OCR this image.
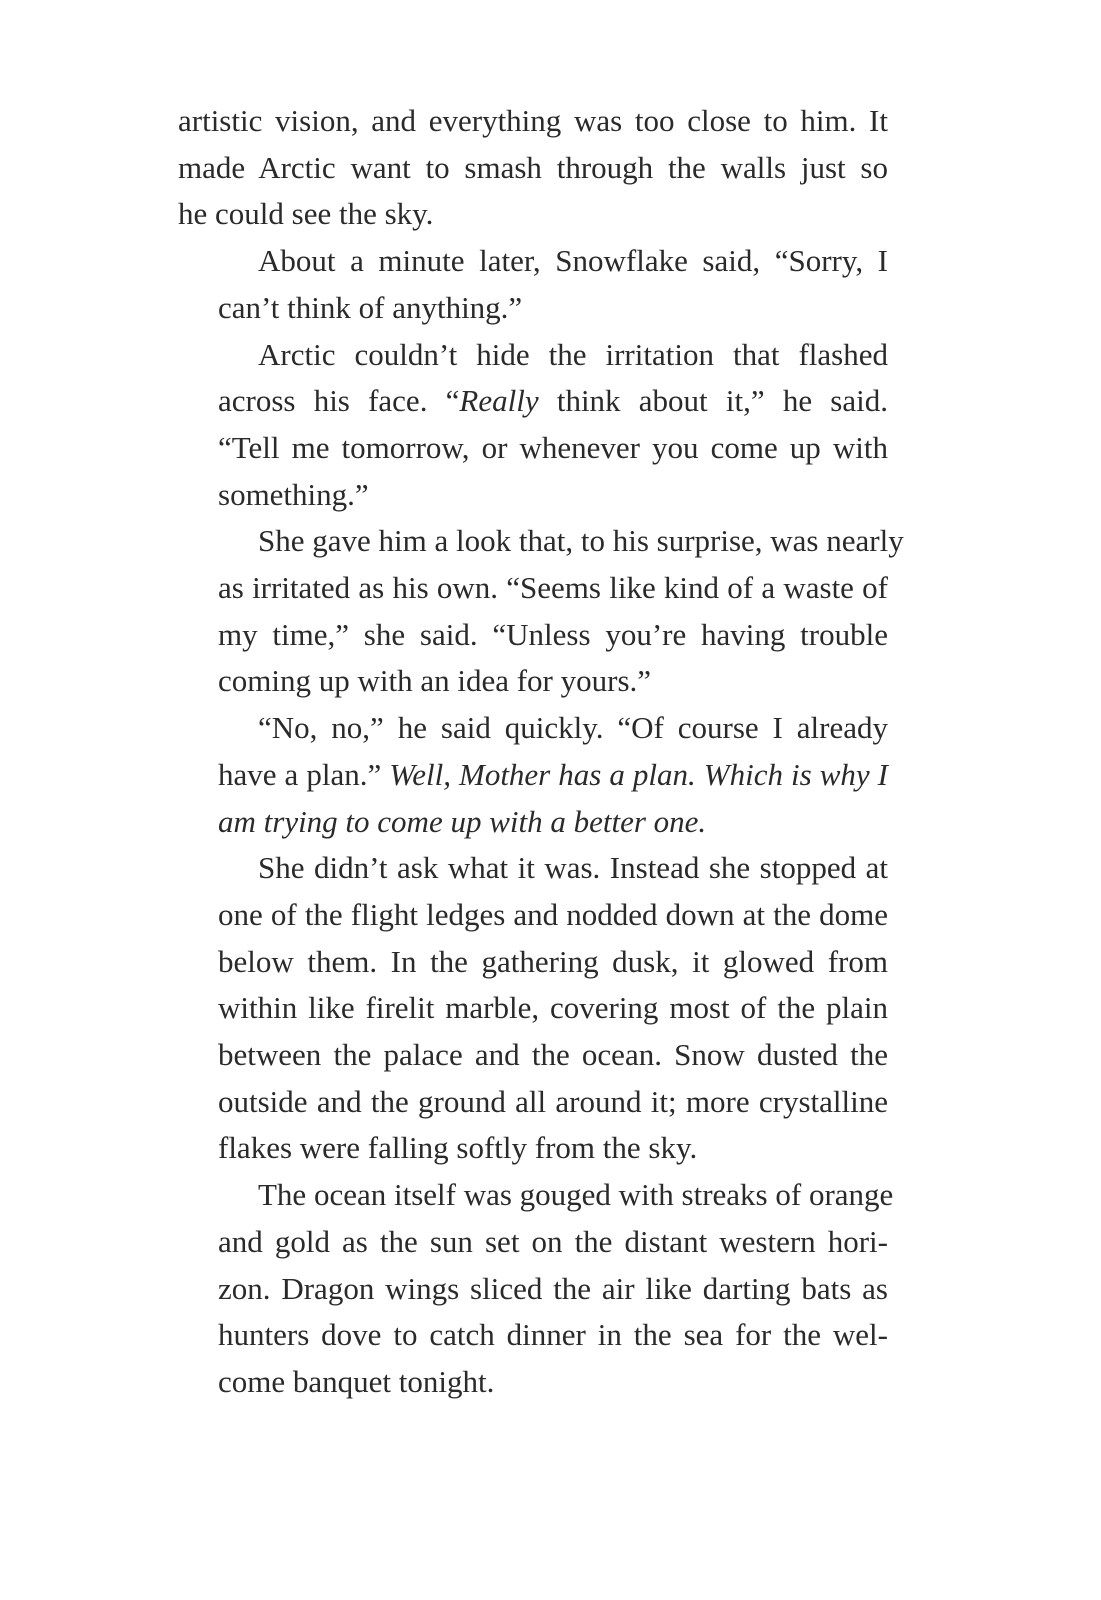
artistic vision, and everything was too close to him. It
made Arctic want to smash through the walls just so
he could see the sky.

About a minute later, Snowflake said, “Sorry, I
can’t think of anything.”

Arctic couldn’t hide the irritation that flashed
across his face. “Really think about it,” he said.
“Tell me tomorrow, or whenever you come up with
something.”

She gave him a look that, to his surprise, was nearly
as irritated as his own. “Seems like kind of a waste of
my time,” she said. “Unless you’re having trouble
coming up with an idea for yours.”

“No, no,” he said quickly. “Of course I already
have a plan.” Well, Mother has a plan. Which is why I
am trying to come up with a better one.

She didn’t ask what it was. Instead she stopped at
one of the flight ledges and nodded down at the dome
below them. In the gathering dusk, it glowed from
within like firelit marble, covering most of the plain
between the palace and the ocean. Snow dusted the
outside and the ground all around it; more crystalline
flakes were falling softly from the sky.

The ocean itself was gouged with streaks of orange
and gold as the sun set on the distant western hori-
zon. Dragon wings sliced the air like darting bats as
hunters dove to catch dinner in the sea for the wel-
come banquet tonight.
